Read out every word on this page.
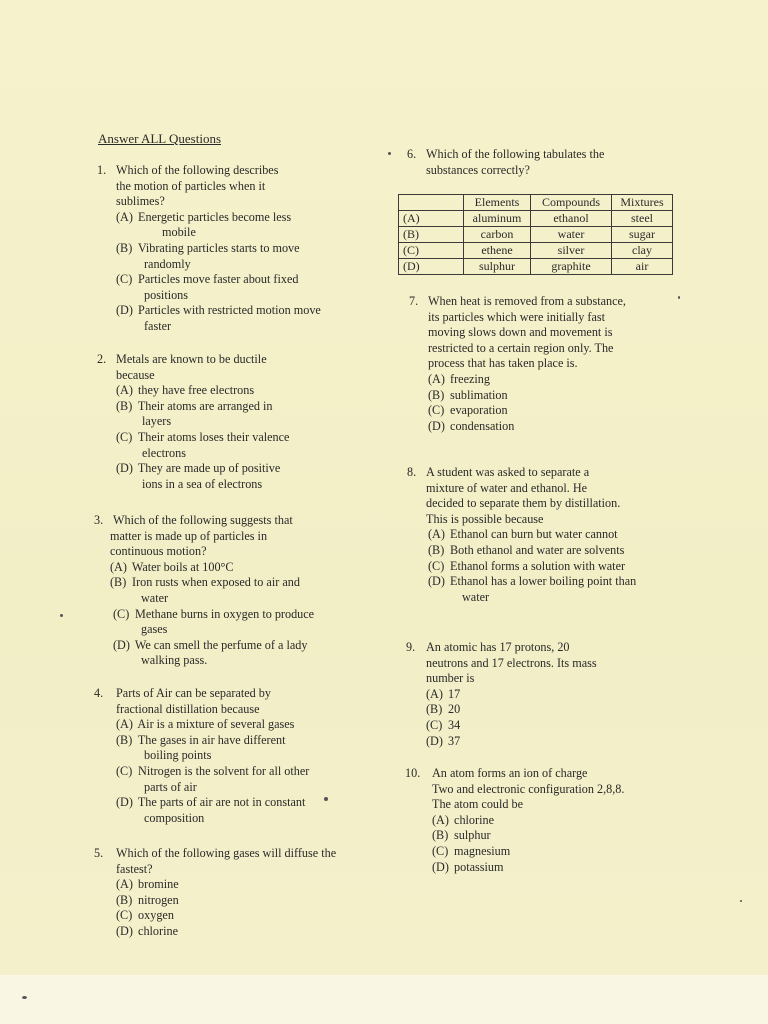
Answer ALL Questions
1. Which of the following describes
the motion of particles when it
sublimes?
(A) Energetic particles become less
mobile
(B) Vibrating particles starts to move
randomly
(C) Particles move faster about fixed
positions
(D) Particles with restricted motion move
faster
2. Metals are known to be ductile
because
(A) they have free electrons
(B) Their atoms are arranged in
layers
(C) Their atoms loses their valence
electrons
(D) They are made up of positive
ions in a sea of electrons
3. Which of the following suggests that
matter is made up of particles in
continuous motion?
(A) Water boils at 100°C
(B) Iron rusts when exposed to air and
water
(C) Methane burns in oxygen to produce
gases
(D) We can smell the perfume of a lady
walking pass.
4. Parts of Air can be separated by
fractional distillation because
(A) Air is a mixture of several gases
(B) The gases in air have different
boiling points
(C) Nitrogen is the solvent for all other
parts of air
(D) The parts of air are not in constant
composition
5. Which of the following gases will diffuse the
fastest?
(A) bromine
(B) nitrogen
(C) oxygen
(D) chlorine
6. Which of the following tabulates the
substances correctly?
	Elements	Compounds	Mixtures
(A)	aluminum	ethanol	steel
(B)	carbon	water	sugar
(C)	ethene	silver	clay
(D)	sulphur	graphite	air
7. When heat is removed from a substance,
its particles which were initially fast
moving slows down and movement is
restricted to a certain region only. The
process that has taken place is.
(A) freezing
(B) sublimation
(C) evaporation
(D) condensation
8. A student was asked to separate a
mixture of water and ethanol. He
decided to separate them by distillation.
This is possible because
(A) Ethanol can burn but water cannot
(B) Both ethanol and water are solvents
(C) Ethanol forms a solution with water
(D) Ethanol has a lower boiling point than
water
9. An atomic has 17 protons, 20
neutrons and 17 electrons. Its mass
number is
(A) 17
(B) 20
(C) 34
(D) 37
10. An atom forms an ion of charge
Two and electronic configuration 2,8,8.
The atom could be
(A) chlorine
(B) sulphur
(C) magnesium
(D) potassium
